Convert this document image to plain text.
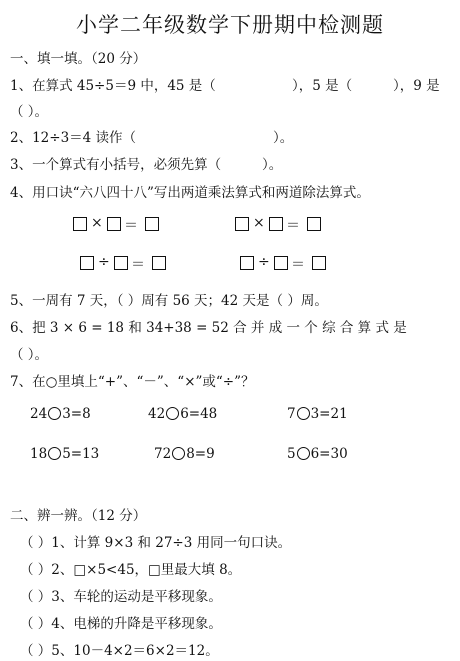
小学二年级数学下册期中检测题
一、填一填。（20 分）
1、在算式 45÷5＝9 中，45 是（	），5 是（	），9 是
（ ）。
2、12÷3＝4 读作（	）。
3、一个算式有小括号，必须先算（	）。
4、用口诀“六八四十八”写出两道乘法算式和两道除法算式。
× ＝	× ＝
÷ ＝	÷ ＝
5、一周有 7 天，（ ）周有 56 天；42 天是（ ）周。
6、把 3 × 6 = 18 和 34+38 = 52 合 并 成 一 个 综 合 算 式 是
（ ）。
7、在○里填上“+”、“－”、“×”或“÷”？
24 3=8	42 6=48	7 3=21
18 5=13	72 8=9	5 6=30
二、辨一辨。（12 分）
（ ）1、计算 9×3 和 27÷3 用同一句口诀。
（ ）2、□×5<45，□里最大填 8。
（ ）3、车轮的运动是平移现象。
（ ）4、电梯的升降是平移现象。
（ ）5、10－4×2＝6×2＝12。
